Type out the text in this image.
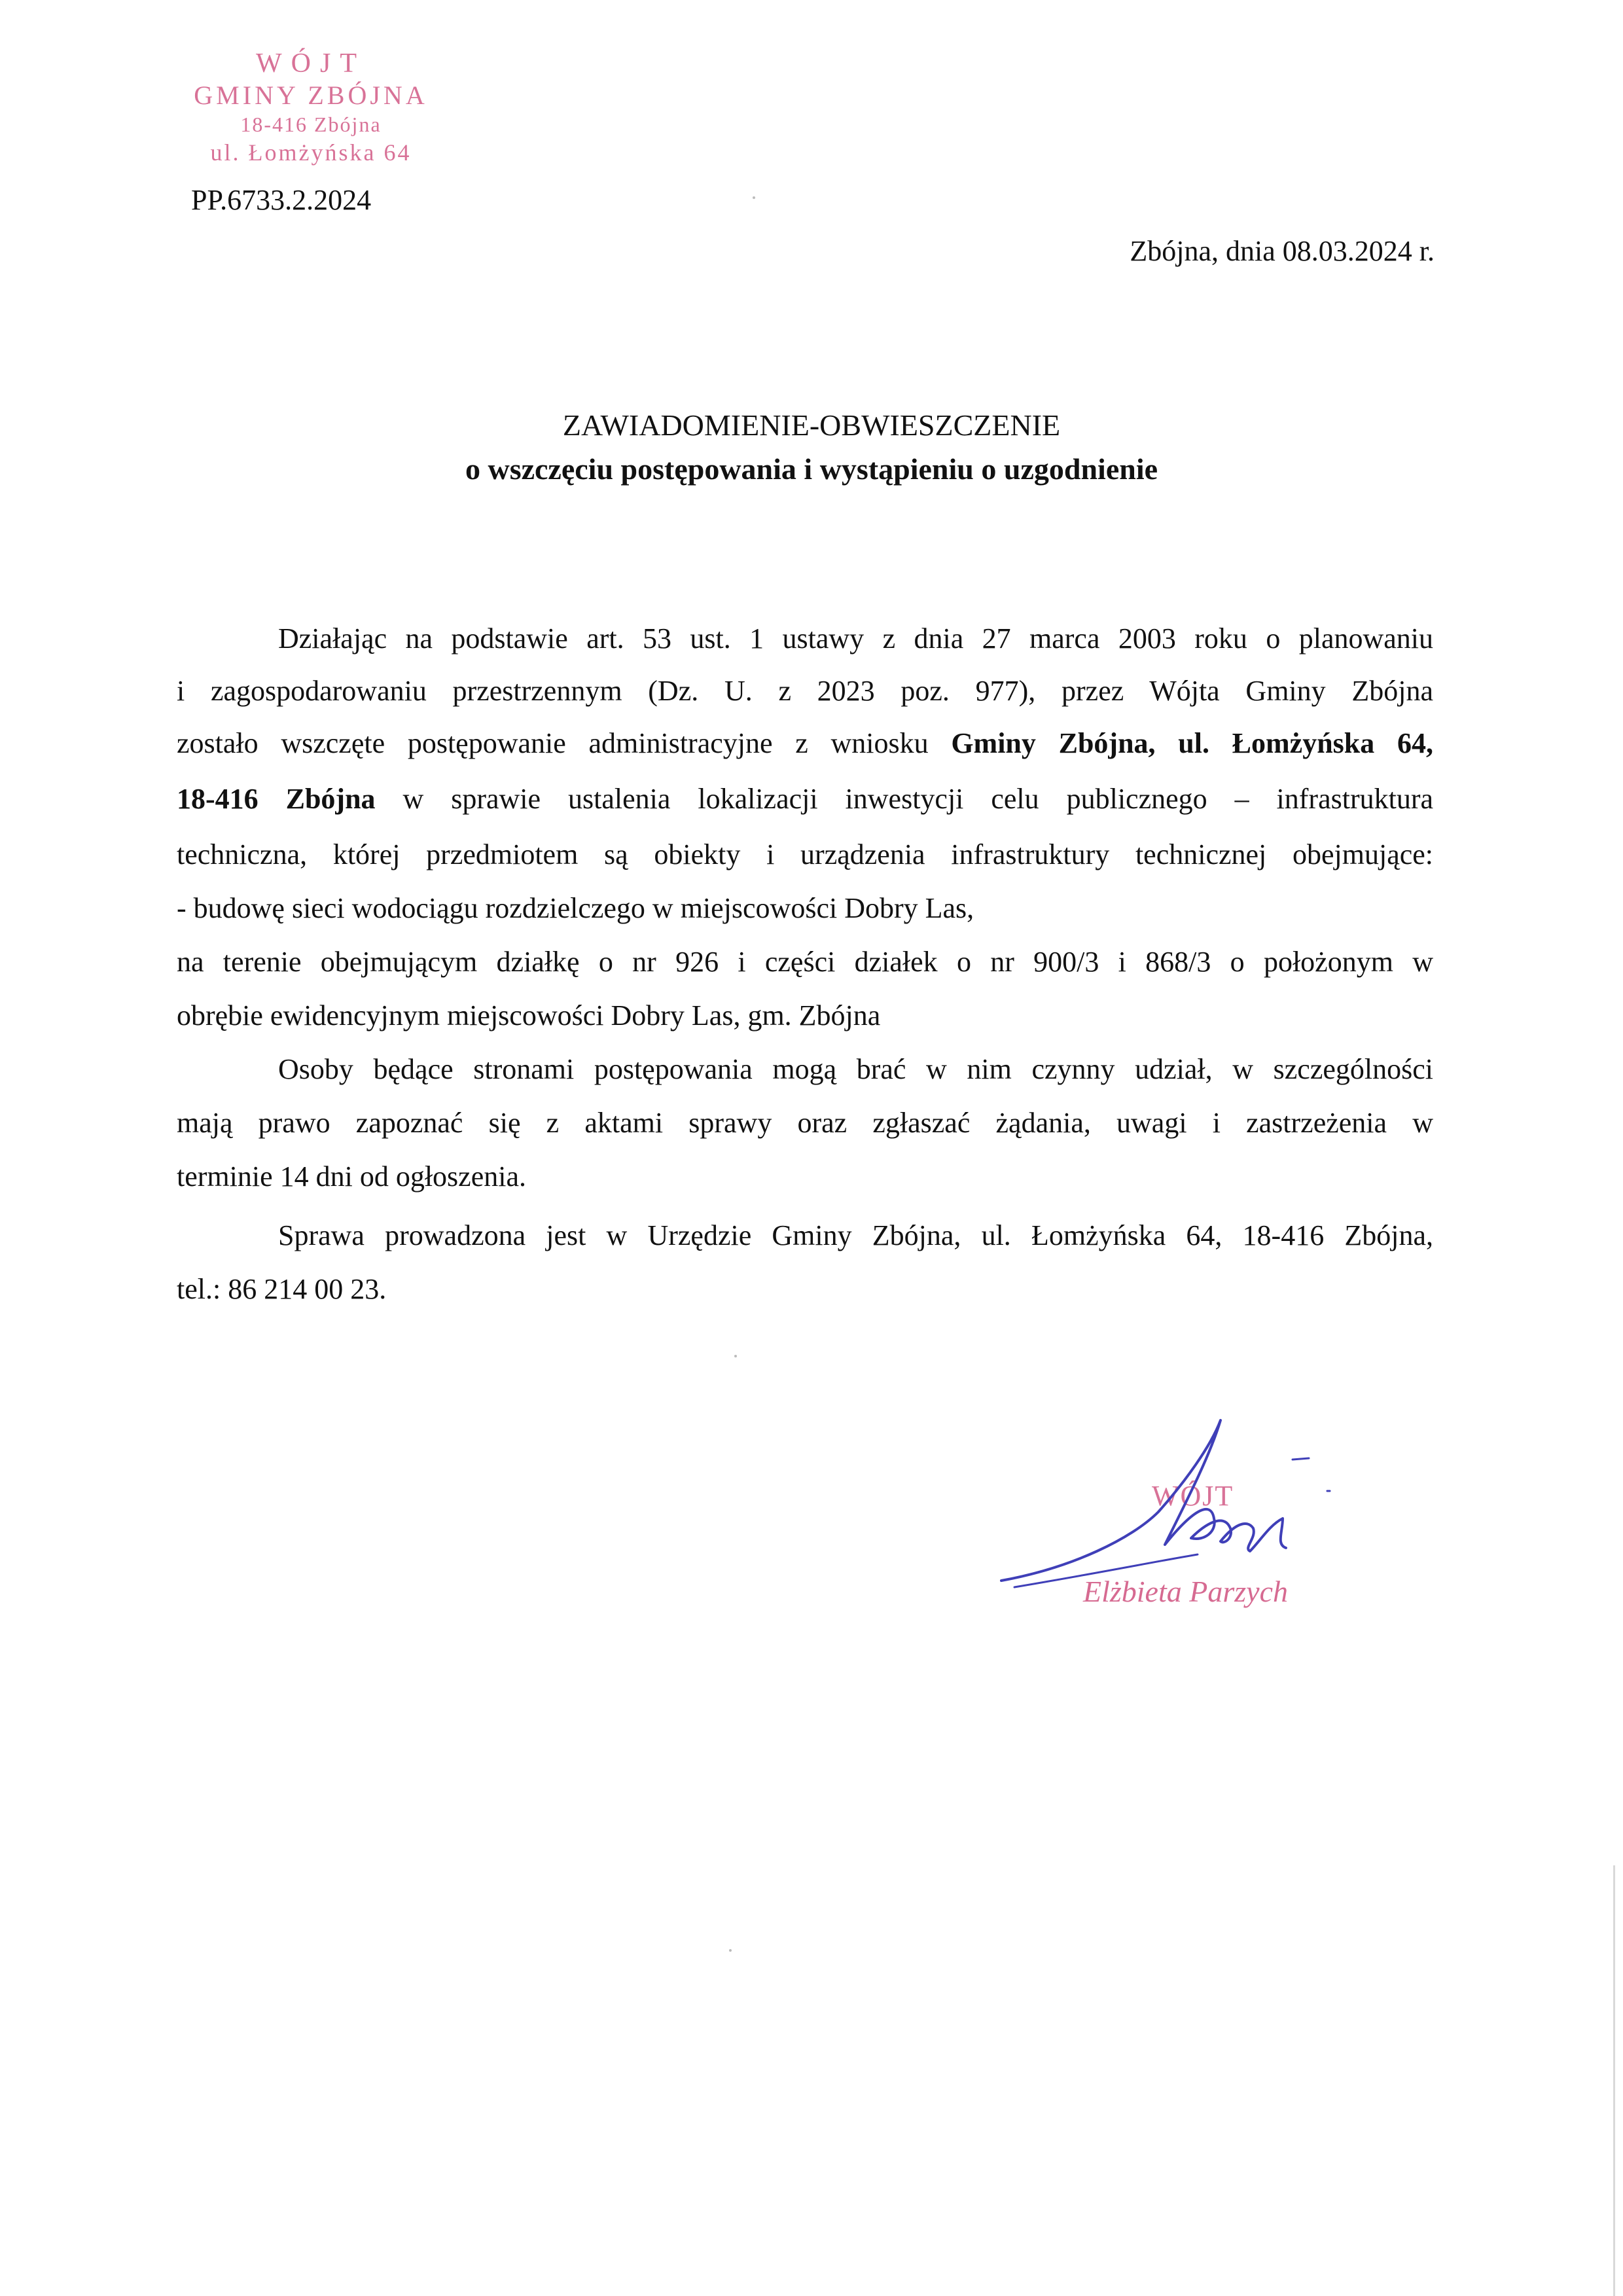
WÓJT
GMINY ZBÓJNA
18-416 Zbójna
ul. Łomżyńska 64
PP.6733.2.2024
Zbójna, dnia 08.03.2024 r.
ZAWIADOMIENIE-OBWIESZCZENIE
o wszczęciu postępowania i wystąpieniu o uzgodnienie
Działając na podstawie art. 53 ust. 1 ustawy z dnia 27 marca 2003 roku o planowaniu
i zagospodarowaniu przestrzennym (Dz. U. z 2023 poz. 977), przez Wójta Gminy Zbójna
zostało wszczęte postępowanie administracyjne z wniosku Gminy Zbójna, ul. Łomżyńska 64,
18-416 Zbójna w sprawie ustalenia lokalizacji inwestycji celu publicznego – infrastruktura
techniczna, której przedmiotem są obiekty i urządzenia infrastruktury technicznej obejmujące:
- budowę sieci wodociągu rozdzielczego w miejscowości Dobry Las,
na terenie obejmującym działkę o nr 926 i części działek o nr 900/3 i 868/3 o położonym w
obrębie ewidencyjnym miejscowości Dobry Las, gm. Zbójna
Osoby będące stronami postępowania mogą brać w nim czynny udział, w szczególności
mają prawo zapoznać się z aktami sprawy oraz zgłaszać żądania, uwagi i zastrzeżenia w
terminie 14 dni od ogłoszenia.
Sprawa prowadzona jest w Urzędzie Gminy Zbójna, ul. Łomżyńska 64, 18-416 Zbójna,
tel.: 86 214 00 23.
WÓJT
Elżbieta Parzych
